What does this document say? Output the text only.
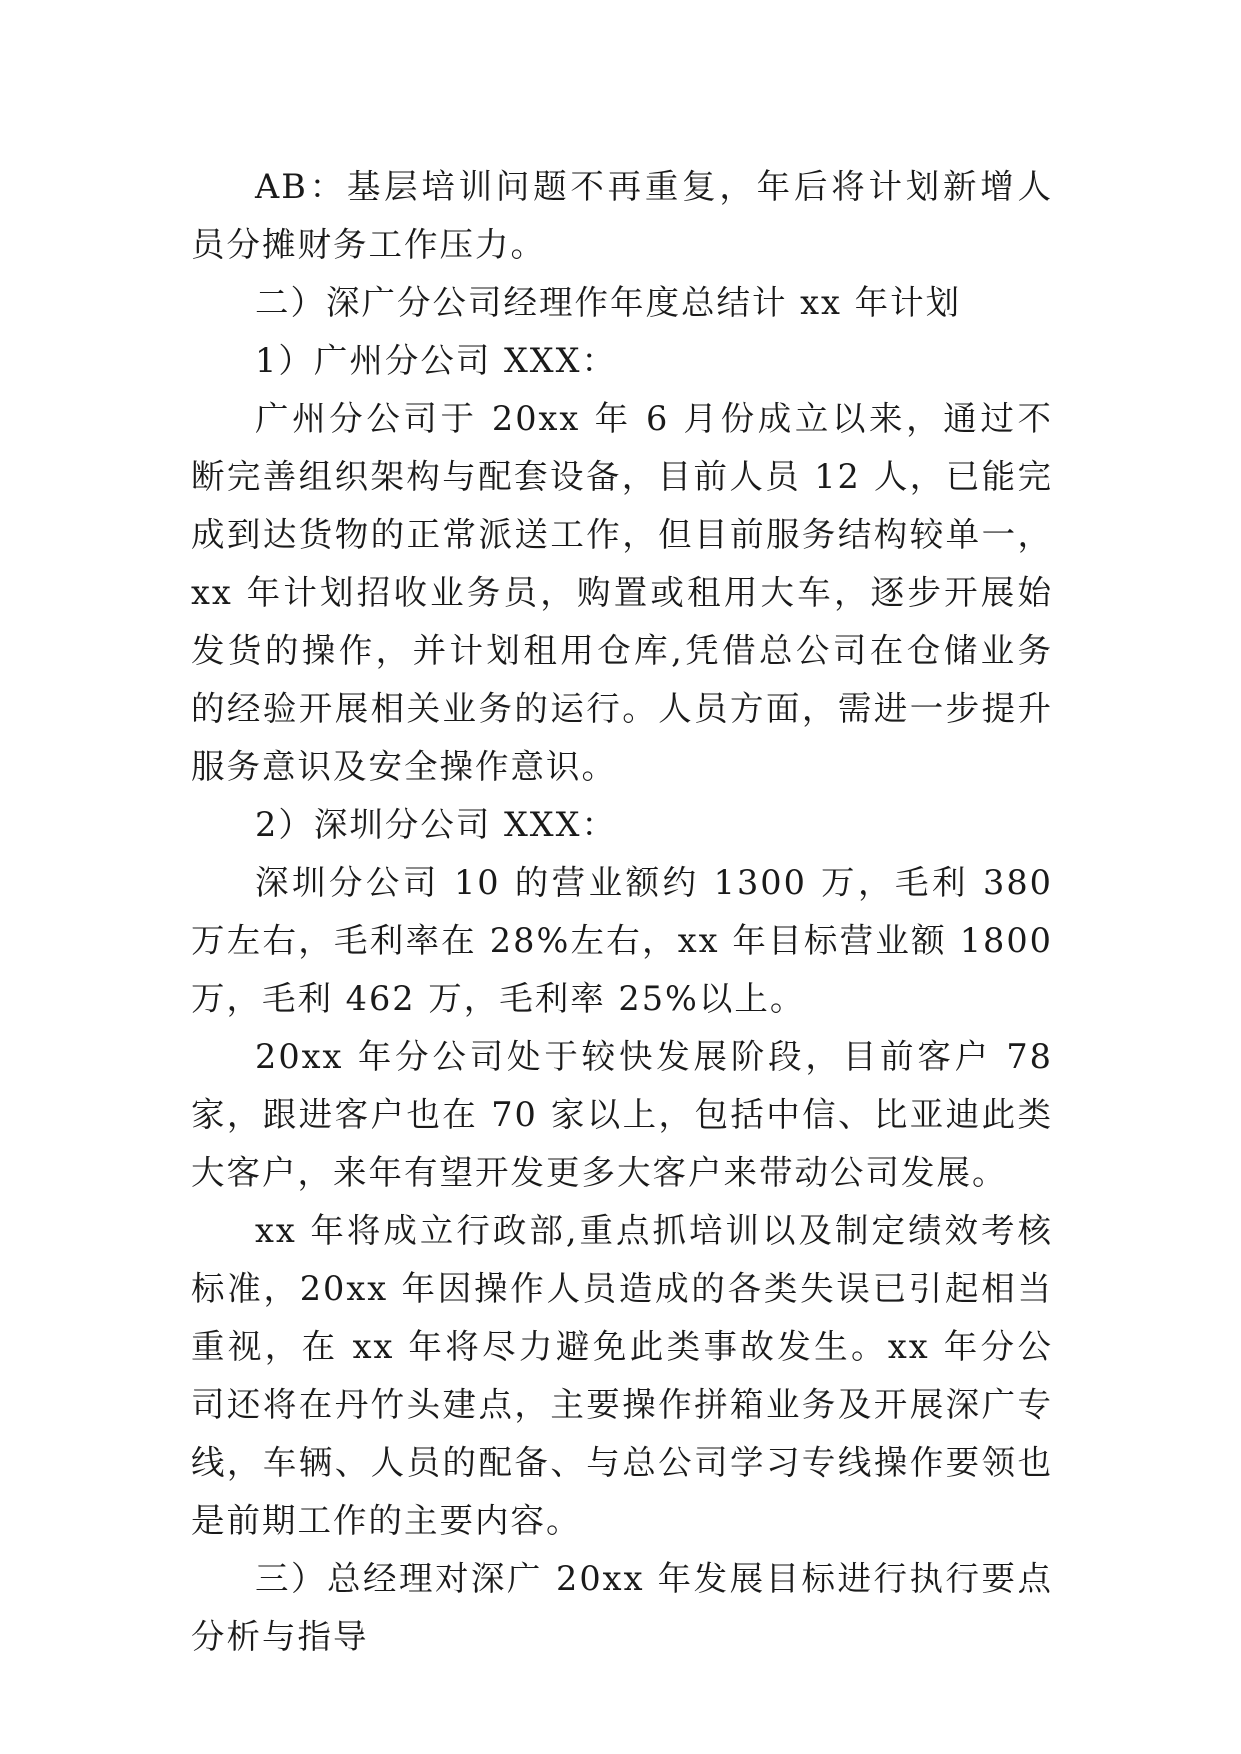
AB：基层培训问题不再重复，年后将计划新增人员分摊财务工作压力。

二）深广分公司经理作年度总结计 xx 年计划

1）广州分公司 XXX：

广州分公司于 20xx 年 6 月份成立以来，通过不断完善组织架构与配套设备，目前人员 12 人，已能完成到达货物的正常派送工作，但目前服务结构较单一，xx 年计划招收业务员，购置或租用大车，逐步开展始发货的操作，并计划租用仓库,凭借总公司在仓储业务的经验开展相关业务的运行。人员方面，需进一步提升服务意识及安全操作意识。

2）深圳分公司 XXX：

深圳分公司 10 的营业额约 1300 万，毛利 380 万左右，毛利率在 28%左右，xx 年目标营业额 1800 万，毛利 462 万，毛利率 25%以上。

20xx 年分公司处于较快发展阶段，目前客户 78 家，跟进客户也在 70 家以上，包括中信、比亚迪此类大客户，来年有望开发更多大客户来带动公司发展。

xx 年将成立行政部,重点抓培训以及制定绩效考核标准，20xx 年因操作人员造成的各类失误已引起相当重视，在 xx 年将尽力避免此类事故发生。xx 年分公司还将在丹竹头建点，主要操作拼箱业务及开展深广专线，车辆、人员的配备、与总公司学习专线操作要领也是前期工作的主要内容。

三）总经理对深广 20xx 年发展目标进行执行要点分析与指导
